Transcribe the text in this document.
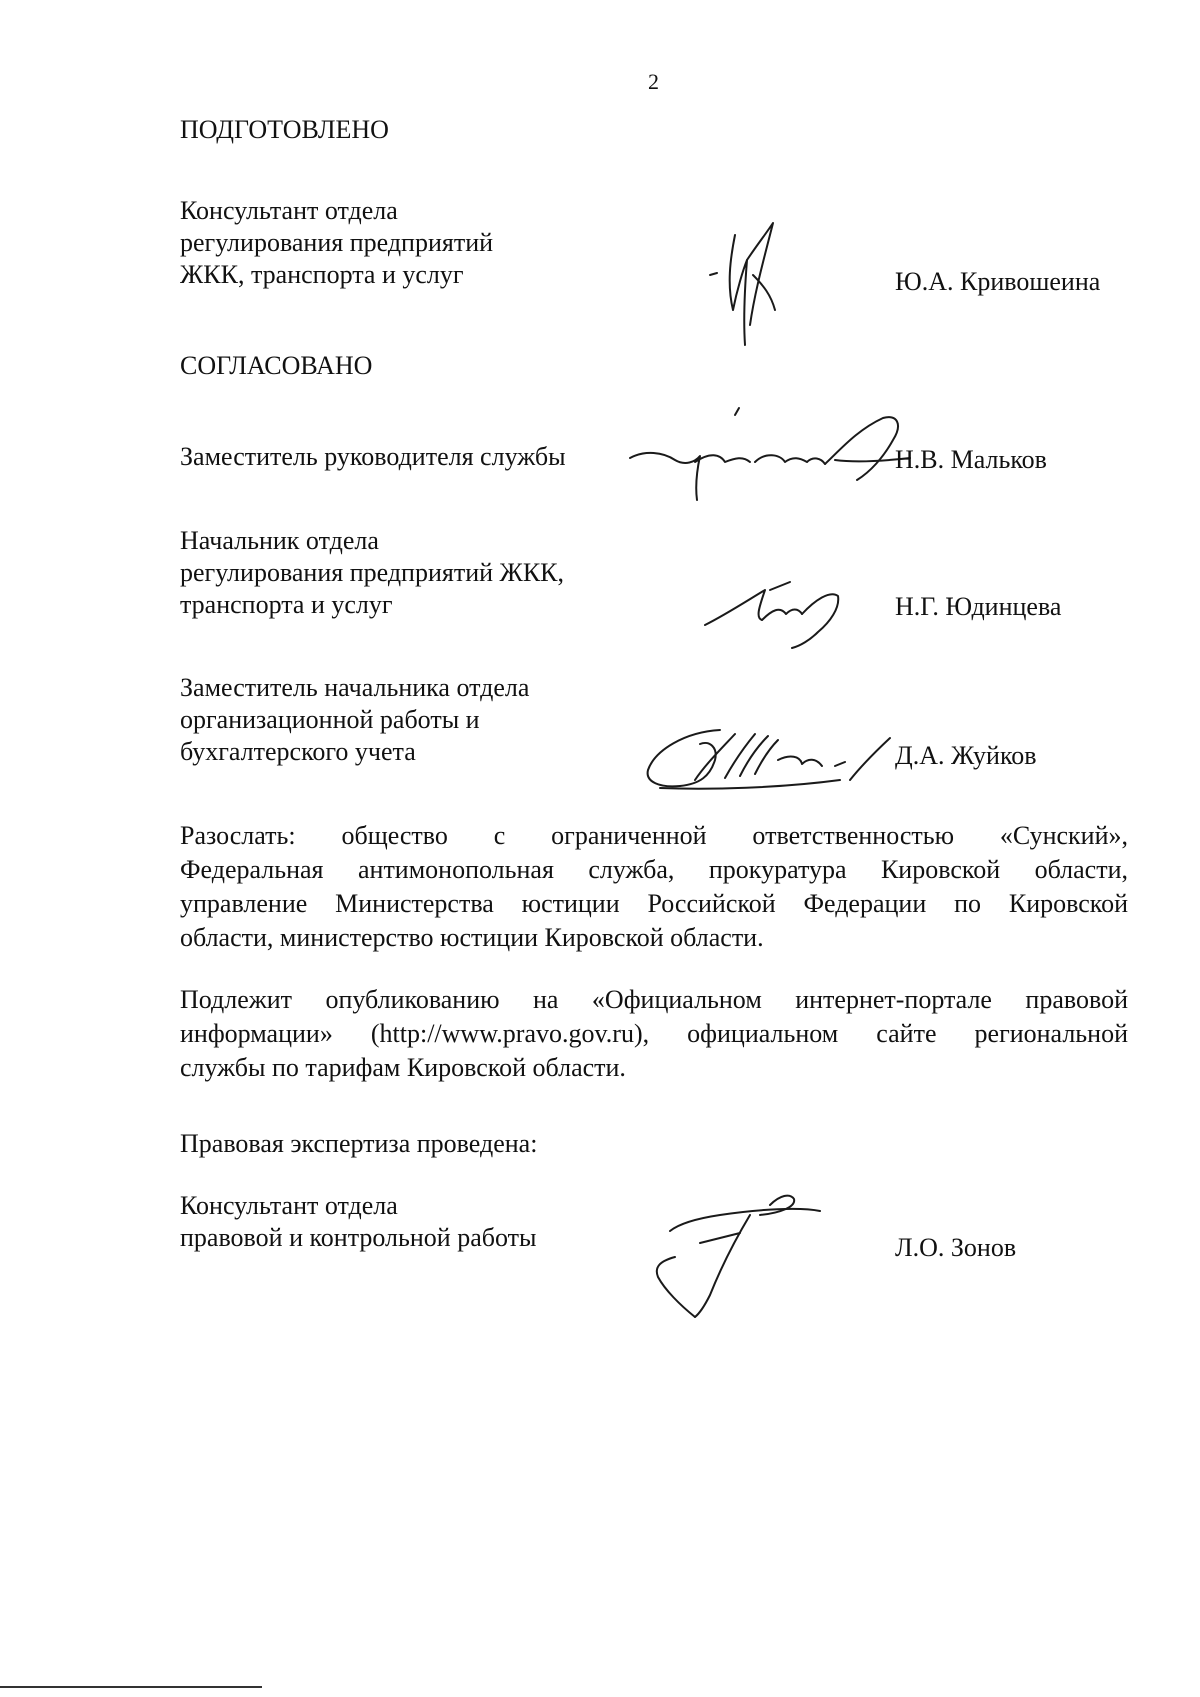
2
ПОДГОТОВЛЕНО
Консультант отдела
регулирования предприятий
ЖКК, транспорта и услуг	Ю.А. Кривошеина
СОГЛАСОВАНО
Заместитель руководителя службы	Н.В. Мальков
Начальник отдела
регулирования предприятий ЖКК,
транспорта и услуг	Н.Г. Юдинцева
Заместитель начальника отдела
организационной работы и
бухгалтерского учета	Д.А. Жуйков
Разослать: общество с ограниченной ответственностью «Сунский»,
Федеральная антимонопольная служба, прокуратура Кировской области,
управление Министерства юстиции Российской Федерации по Кировской
области, министерство юстиции Кировской области.
Подлежит опубликованию на «Официальном интернет-портале правовой
информации» (http://www.pravo.gov.ru), официальном сайте региональной
службы по тарифам Кировской области.
Правовая экспертиза проведена:
Консультант отдела
правовой и контрольной работы	Л.О. Зонов
